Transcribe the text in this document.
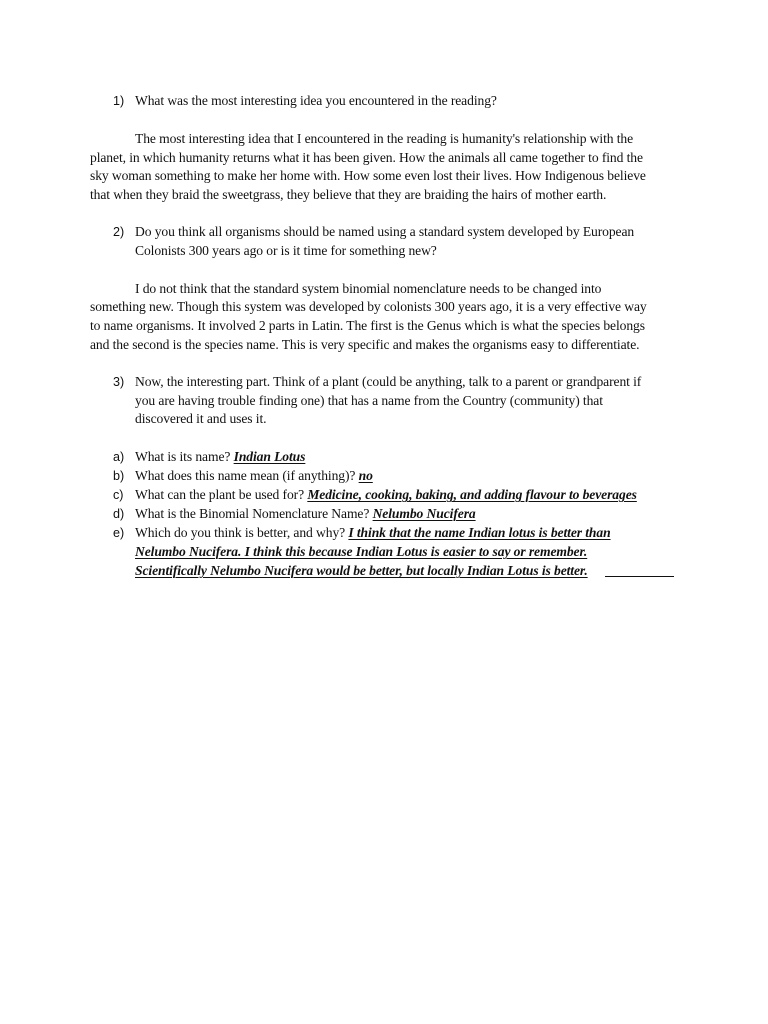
1) What was the most interesting idea you encountered in the reading?
The most interesting idea that I encountered in the reading is humanity's relationship with the
planet, in which humanity returns what it has been given. How the animals all came together to find the
sky woman something to make her home with. How some even lost their lives. How Indigenous believe
that when they braid the sweetgrass, they believe that they are braiding the hairs of mother earth.
2) Do you think all organisms should be named using a standard system developed by European
Colonists 300 years ago or is it time for something new?
I do not think that the standard system binomial nomenclature needs to be changed into
something new. Though this system was developed by colonists 300 years ago, it is a very effective way
to name organisms. It involved 2 parts in Latin. The first is the Genus which is what the species belongs
and the second is the species name. This is very specific and makes the organisms easy to differentiate.
3) Now, the interesting part. Think of a plant (could be anything, talk to a parent or grandparent if
you are having trouble finding one) that has a name from the Country (community) that
discovered it and uses it.
a) What is its name? Indian Lotus
b) What does this name mean (if anything)? no
c) What can the plant be used for? Medicine, cooking, baking, and adding flavour to beverages
d) What is the Binomial Nomenclature Name? Nelumbo Nucifera
e) Which do you think is better, and why? I think that the name Indian lotus is better than
Nelumbo Nucifera. I think this because Indian Lotus is easier to say or remember.
Scientifically Nelumbo Nucifera would be better, but locally Indian Lotus is better.
